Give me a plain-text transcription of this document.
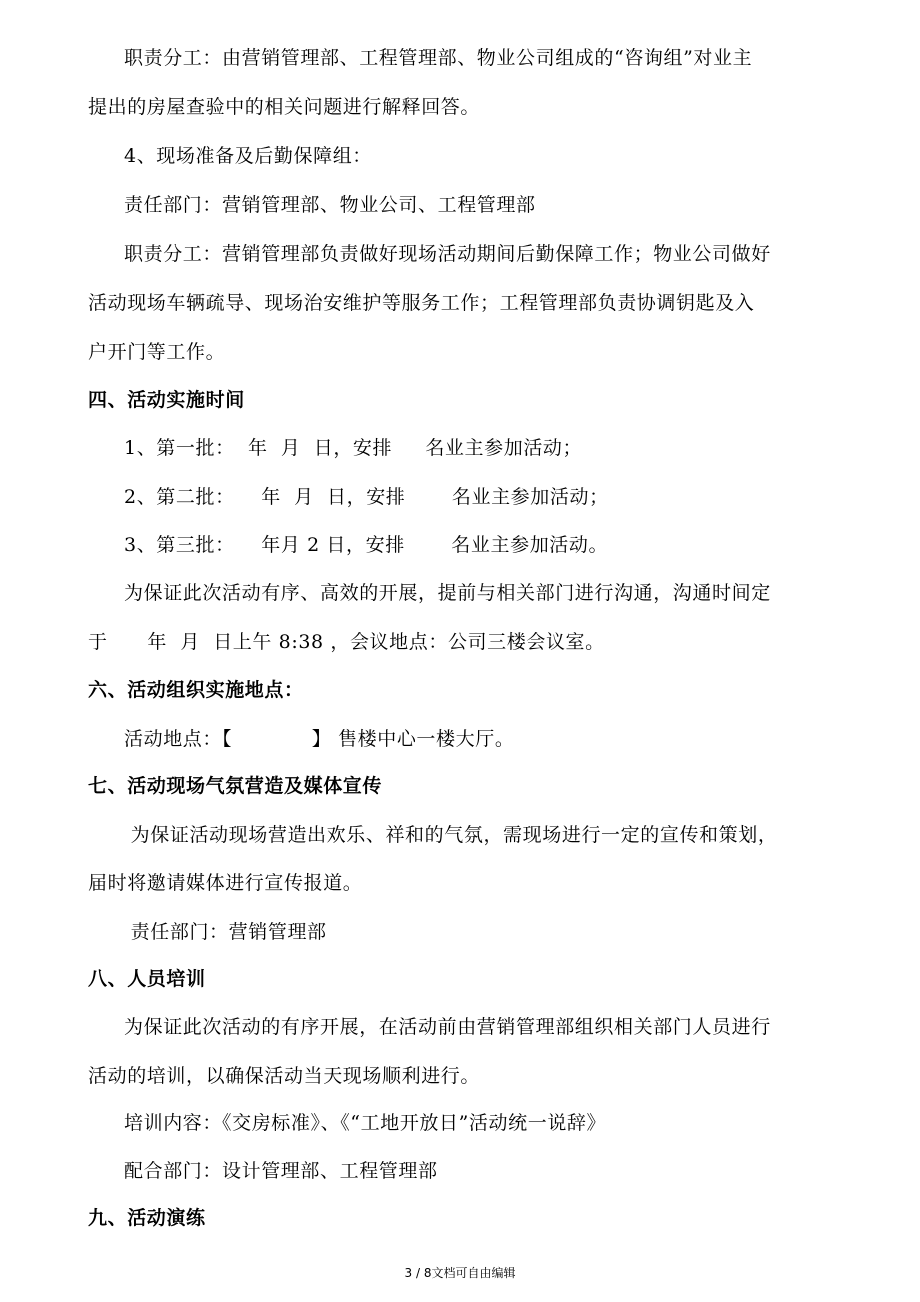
职责分工：由营销管理部、工程管理部、物业公司组成的“咨询组”对业主
提出的房屋查验中的相关问题进行解释回答。
4、现场准备及后勤保障组：
责任部门：营销管理部、物业公司、工程管理部
职责分工：营销管理部负责做好现场活动期间后勤保障工作；物业公司做好
活动现场车辆疏导、现场治安维护等服务工作；工程管理部负责协调钥匙及入
户开门等工作。
四、活动实施时间
1、第一批：  年  月  日，安排     名业主参加活动；
2、第二批：    年  月  日，安排       名业主参加活动；
3、第三批：    年月 2 日，安排       名业主参加活动。
为保证此次活动有序、高效的开展，提前与相关部门进行沟通，沟通时间定
于      年  月  日上午 8:38 ，会议地点：公司三楼会议室。
六、活动组织实施地点：
活动地点：【            】 售楼中心一楼大厅。
七、活动现场气氛营造及媒体宣传
为保证活动现场营造出欢乐、祥和的气氛，需现场进行一定的宣传和策划，
届时将邀请媒体进行宣传报道。
责任部门：营销管理部
八、人员培训
为保证此次活动的有序开展，在活动前由营销管理部组织相关部门人员进行
活动的培训，以确保活动当天现场顺利进行。
培训内容：《交房标准》、《“工地开放日”活动统一说辞》
配合部门：设计管理部、工程管理部
九、活动演练
3 / 8文档可自由编辑
